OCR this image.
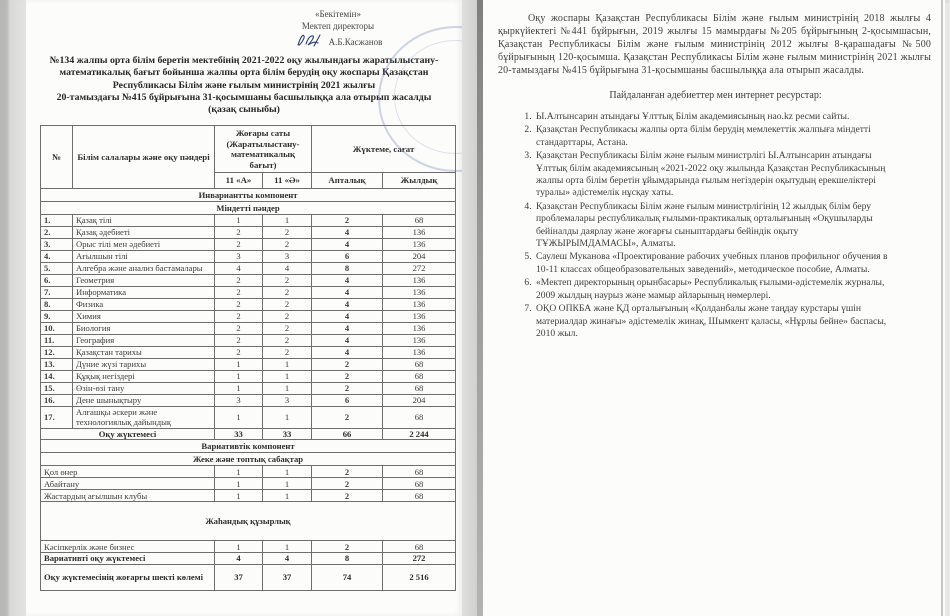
«Бекітемін»
Мектеп директоры
А.Б.Касжанов
№134 жалпы орта білім беретін мектебінің 2021-2022 оқу жылындағы жаратылыстану-
математикалық бағыт бойынша жалпы орта білім берудің оқу жоспары Қазақстан
Республикасы Білім және ғылым министрінің 2021 жылғы
20-тамыздағы №415 бұйрығына 31-қосымшаны басшылыққа ала отырып жасалды
(қазақ сыныбы)
№	Білім салалары және оқу пәндері	Жоғары саты (Жаратылыстану-математикалық бағыт)		Жүктеме, сағат	
		11 «А»	11 «Ә»	Апталық	Жылдық
Инвариантты компонент					
Міндетті пәндер					
1.	Қазақ тілі	1	1	2	68
2.	Қазақ әдебиеті	2	2	4	136
3.	Орыс тілі мен әдебиеті	2	2	4	136
4.	Ағылшын тілі	3	3	6	204
5.	Алгебра және анализ бастамалары	4	4	8	272
6.	Геометрия	2	2	4	136
7.	Информатика	2	2	4	136
8.	Физика	2	2	4	136
9.	Химия	2	2	4	136
10.	Биология	2	2	4	136
11.	География	2	2	4	136
12.	Қазақстан тарихы	2	2	4	136
13.	Дүние жүзі тарихы	1	1	2	68
14.	Құқық негіздері	1	1	2	68
15.	Өзін-өзі тану	1	1	2	68
16.	Дене шынықтыру	3	3	6	204
17.	Алғашқы әскери және технологиялық дайындық	1	1	2	68
Оқу жүктемесі		33	33	66	2 244
Вариативтік компонент					
Жеке және топтық сабақтар					
Қол өнер		1	1	2	68
Абайтану		1	1	2	68
Жастардың ағылшын клубы		1	1	2	68
Жаһандық құзырлық					
Кәсіпкерлік және бизнес		1	1	2	68
Вариативті оқу жүктемесі		4	4	8	272
Оқу жүктемесінің жоғарғы шекті көлемі		37	37	74	2 516

Оқу жоспары Қазақстан Республикасы Білім және ғылым министрінің 2018 жылғы 4 қыркүйектегі №441 бұйрығын, 2019 жылғы 15 мамырдағы №205 бұйрығының 2-қосымшасын, Қазақстан Республикасы Білім және ғылым министрінің 2012 жылғы 8-қарашадағы №500 бұйрығының 120-қосымша. Қазақстан Республикасы Білім және ғылым министрінің 2021 жылғы 20-тамыздағы №415 бұйрығына 31-қосымшаны басшылыққа ала отырып жасалды.

Пайдаланған әдебиеттер мен интернет ресурстар:
1. Ы.Алтынсарин атындағы Ұлттық Білім академиясының нао.kz ресми сайты.
2. Қазақстан Республикасы жалпы орта білім берудің мемлекеттік жалпыға міндетті стандарттары, Астана.
3. Қазақстан Республикасы Білім және ғылым министрлігі Ы.Алтынсарин атындағы Ұлттық білім академиясының «2021-2022 оқу жылында Қазақстан Республикасының жалпы орта білім беретін ұйымдарында ғылым негіздерін оқытудың ерекшеліктері туралы» әдістемелік нұсқау хаты.
4. Қазақстан Республикасы Білім және ғылым министрлігінің 12 жылдық білім беру проблемалары республикалық ғылыми-практикалық орталығының «Оқушыларды бейіналды даярлау және жоғарғы сыныптардағы бейіндік оқыту ТҰЖЫРЫМДАМАСЫ», Алматы.
5. Саулеш Муканова «Проектирование рабочих учебных планов профильног обучения в 10-11 классах общеобразовательных заведений», методическое пособие, Алматы.
6. «Мектеп директорының орынбасары» Республикалық ғылыми-әдістемелік журналы, 2009 жылдың наурыз және мамыр айларының нөмерлері.
7. ОҚО ОПКБА және ҚД орталығының «Қолданбалы және таңдау курстары үшін материалдар жинағы» әдістемелік жинақ, Шымкент қаласы, «Нұрлы бейне» баспасы, 2010 жыл.
